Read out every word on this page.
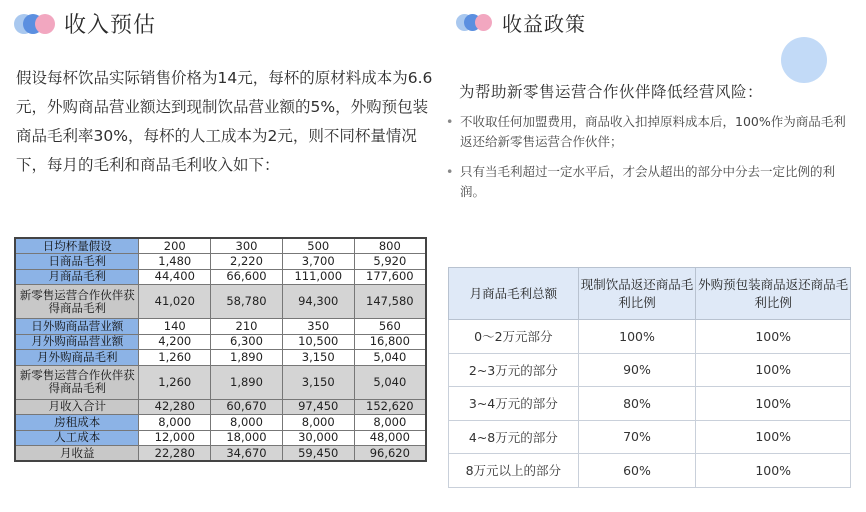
收入预估
假设每杯饮品实际销售价格为14元，每杯的原材料成本为6.6元，外购商品营业额达到现制饮品营业额的5%，外购预包装商品毛利率30%，每杯的人工成本为2元，则不同杯量情况下，每月的毛利和商品毛利收入如下：
日均杯量假设	200	300	500	800
日商品毛利	1,480	2,220	3,700	5,920
月商品毛利	44,400	66,600	111,000	177,600
新零售运营合作伙伴获得商品毛利	41,020	58,780	94,300	147,580
日外购商品营业额	140	210	350	560
月外购商品营业额	4,200	6,300	10,500	16,800
月外购商品毛利	1,260	1,890	3,150	5,040
新零售运营合作伙伴获得商品毛利	1,260	1,890	3,150	5,040
月收入合计	42,280	60,670	97,450	152,620
房租成本	8,000	8,000	8,000	8,000
人工成本	12,000	18,000	30,000	48,000
月收益	22,280	34,670	59,450	96,620
收益政策
为帮助新零售运营合作伙伴降低经营风险：
• 不收取任何加盟费用，商品收入扣掉原料成本后，100%作为商品毛利返还给新零售运营合作伙伴；
• 只有当毛利超过一定水平后，才会从超出的部分中分去一定比例的利润。
月商品毛利总额	现制饮品返还商品毛利比例	外购预包装商品返还商品毛利比例
0～2万元部分	100%	100%
2~3万元的部分	90%	100%
3~4万元的部分	80%	100%
4~8万元的部分	70%	100%
8万元以上的部分	60%	100%
